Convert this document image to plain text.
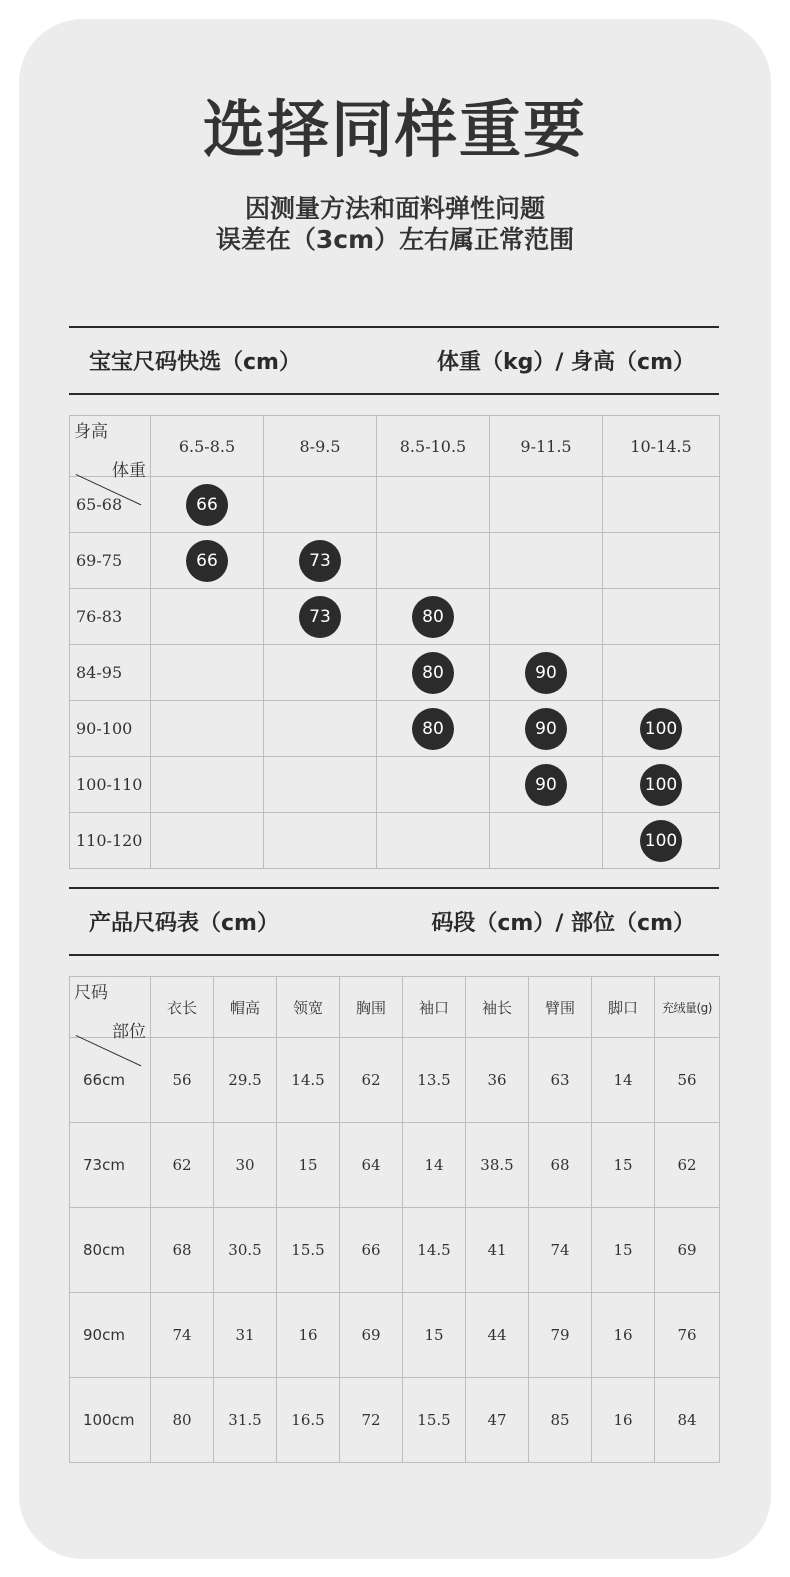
选择同样重要
因测量方法和面料弹性问题
误差在（3cm）左右属正常范围
宝宝尺码快选（cm）	体重（kg）/ 身高（cm）
体重
身高	6.5-8.5	8-9.5	8.5-10.5	9-11.5	10-14.5
65-68	66				
69-75	66	73			
76-83		73	80		
84-95			80	90	
90-100			80	90	100
100-110				90	100
110-120					100
产品尺码表（cm）	码段（cm）/ 部位（cm）
部位
尺码	衣长	帽高	领宽	胸围	袖口	袖长	臂围	脚口	充绒量(g)
66cm	56	29.5	14.5	62	13.5	36	63	14	56
73cm	62	30	15	64	14	38.5	68	15	62
80cm	68	30.5	15.5	66	14.5	41	74	15	69
90cm	74	31	16	69	15	44	79	16	76
100cm	80	31.5	16.5	72	15.5	47	85	16	84
